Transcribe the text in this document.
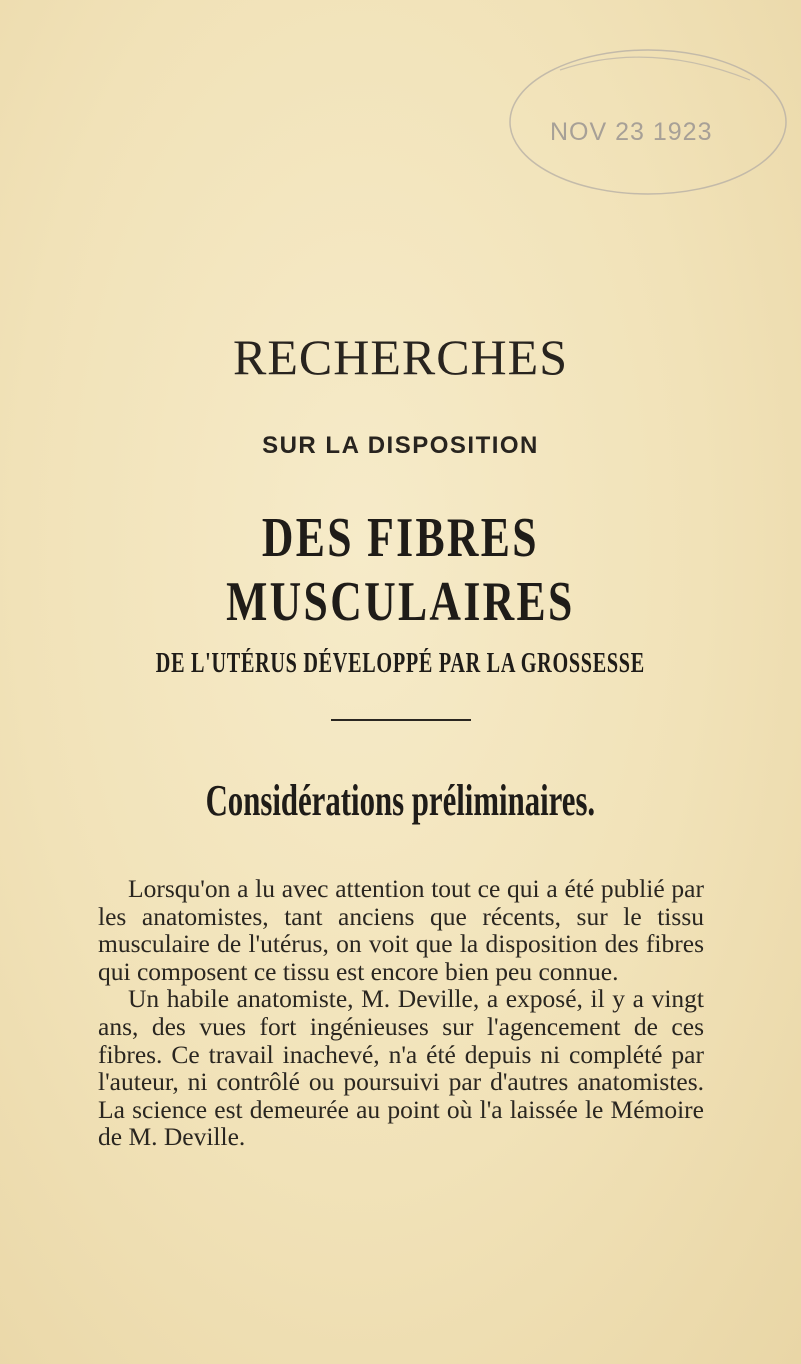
NOV 23 1923
RECHERCHES
SUR LA DISPOSITION
DES FIBRES MUSCULAIRES
DE L'UTÉRUS DÉVELOPPÉ PAR LA GROSSESSE
Considérations préliminaires.

Lorsqu'on a lu avec attention tout ce qui a été publié par les anatomistes, tant anciens que récents, sur le tissu musculaire de l'utérus, on voit que la disposition des fibres qui composent ce tissu est encore bien peu connue.

Un habile anatomiste, M. Deville, a exposé, il y a vingt ans, des vues fort ingénieuses sur l'agencement de ces fibres. Ce travail inachevé, n'a été depuis ni complété par l'auteur, ni contrôlé ou poursuivi par d'autres anatomistes. La science est demeurée au point où l'a laissée le Mémoire de M. Deville.
